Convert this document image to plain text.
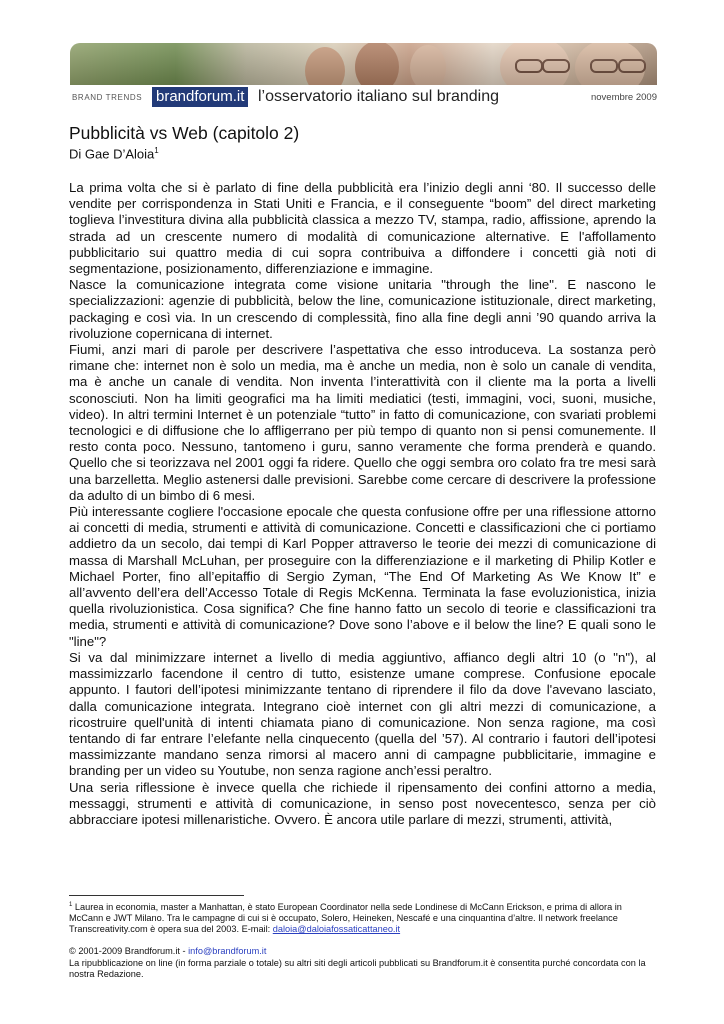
BRAND TRENDS brandforum.it l’osservatorio italiano sul branding	novembre 2009
Pubblicità vs Web (capitolo 2)
Di Gae D’Aloia$^1$

La prima volta che si è parlato di fine della pubblicità era l’inizio degli anni ‘80. Il successo delle vendite per corrispondenza in Stati Uniti e Francia, e il conseguente “boom” del direct marketing toglieva l’investitura divina alla pubblicità classica a mezzo TV, stampa, radio, affissione, aprendo la strada ad un crescente numero di modalità di comunicazione alternative. E l'affollamento pubblicitario sui quattro media di cui sopra contribuiva a diffondere i concetti già noti di segmentazione, posizionamento, differenziazione e immagine.

Nasce la comunicazione integrata come visione unitaria "through the line". E nascono le specializzazioni: agenzie di pubblicità, below the line, comunicazione istituzionale, direct marketing, packaging e così via. In un crescendo di complessità, fino alla fine degli anni ’90 quando arriva la rivoluzione copernicana di internet.

Fiumi, anzi mari di parole per descrivere l’aspettativa che esso introduceva. La sostanza però rimane che: internet non è solo un media, ma è anche un media, non è solo un canale di vendita, ma è anche un canale di vendita. Non inventa l’interattività con il cliente ma la porta a livelli sconosciuti. Non ha limiti geografici ma ha limiti mediatici (testi, immagini, voci, suoni, musiche, video). In altri termini Internet è un potenziale “tutto” in fatto di comunicazione, con svariati problemi tecnologici e di diffusione che lo affligerrano per più tempo di quanto non si pensi comunemente. Il resto conta poco. Nessuno, tantomeno i guru, sanno veramente che forma prenderà e quando. Quello che si teorizzava nel 2001 oggi fa ridere. Quello che oggi sembra oro colato fra tre mesi sarà una barzelletta. Meglio astenersi dalle previsioni. Sarebbe come cercare di descrivere la professione da adulto di un bimbo di 6 mesi.

Più interessante cogliere l'occasione epocale che questa confusione offre per una riflessione attorno ai concetti di media, strumenti e attività di comunicazione. Concetti e classificazioni che ci portiamo addietro da un secolo, dai tempi di Karl Popper attraverso le teorie dei mezzi di comunicazione di massa di Marshall McLuhan, per proseguire con la differenziazione e il marketing di Philip Kotler e Michael Porter, fino all’epitaffio di Sergio Zyman, “The End Of Marketing As We Know It” e all’avvento dell’era dell’Accesso Totale di Regis McKenna. Terminata la fase evoluzionistica, inizia quella rivoluzionistica. Cosa significa? Che fine hanno fatto un secolo di teorie e classificazioni tra media, strumenti e attività di comunicazione? Dove sono l’above e il below the line? E quali sono le "line"?

Si va dal minimizzare internet a livello di media aggiuntivo, affianco degli altri 10 (o "n"), al massimizzarlo facendone il centro di tutto, esistenze umane comprese. Confusione epocale appunto. I fautori dell’ipotesi minimizzante tentano di riprendere il filo da dove l'avevano lasciato, dalla comunicazione integrata. Integrano cioè internet con gli altri mezzi di comunicazione, a ricostruire quell'unità di intenti chiamata piano di comunicazione. Non senza ragione, ma così tentando di far entrare l’elefante nella cinquecento (quella del ’57). Al contrario i fautori dell’ipotesi massimizzante mandano senza rimorsi al macero anni di campagne pubblicitarie, immagine e branding per un video su Youtube, non senza ragione anch’essi peraltro.

Una seria riflessione è invece quella che richiede il ripensamento dei confini attorno a media, messaggi, strumenti e attività di comunicazione, in senso post novecentesco, senza per ciò abbracciare ipotesi millenaristiche. Ovvero. È ancora utile parlare di mezzi, strumenti, attività,

$^1$ Laurea in economia, master a Manhattan, è stato European Coordinator nella sede Londinese di McCann Erickson, e prima di allora in McCann e JWT Milano. Tra le campagne di cui si è occupato, Solero, Heineken, Nescafé e una cinquantina d’altre. Il network freelance Transcreativity.com è opera sua del 2003. E-mail: daloia@daloiafossaticattaneo.it
© 2001-2009 Brandforum.it - info@brandforum.it
La ripubblicazione on line (in forma parziale o totale) su altri siti degli articoli pubblicati su Brandforum.it è consentita purché concordata con la nostra Redazione.
